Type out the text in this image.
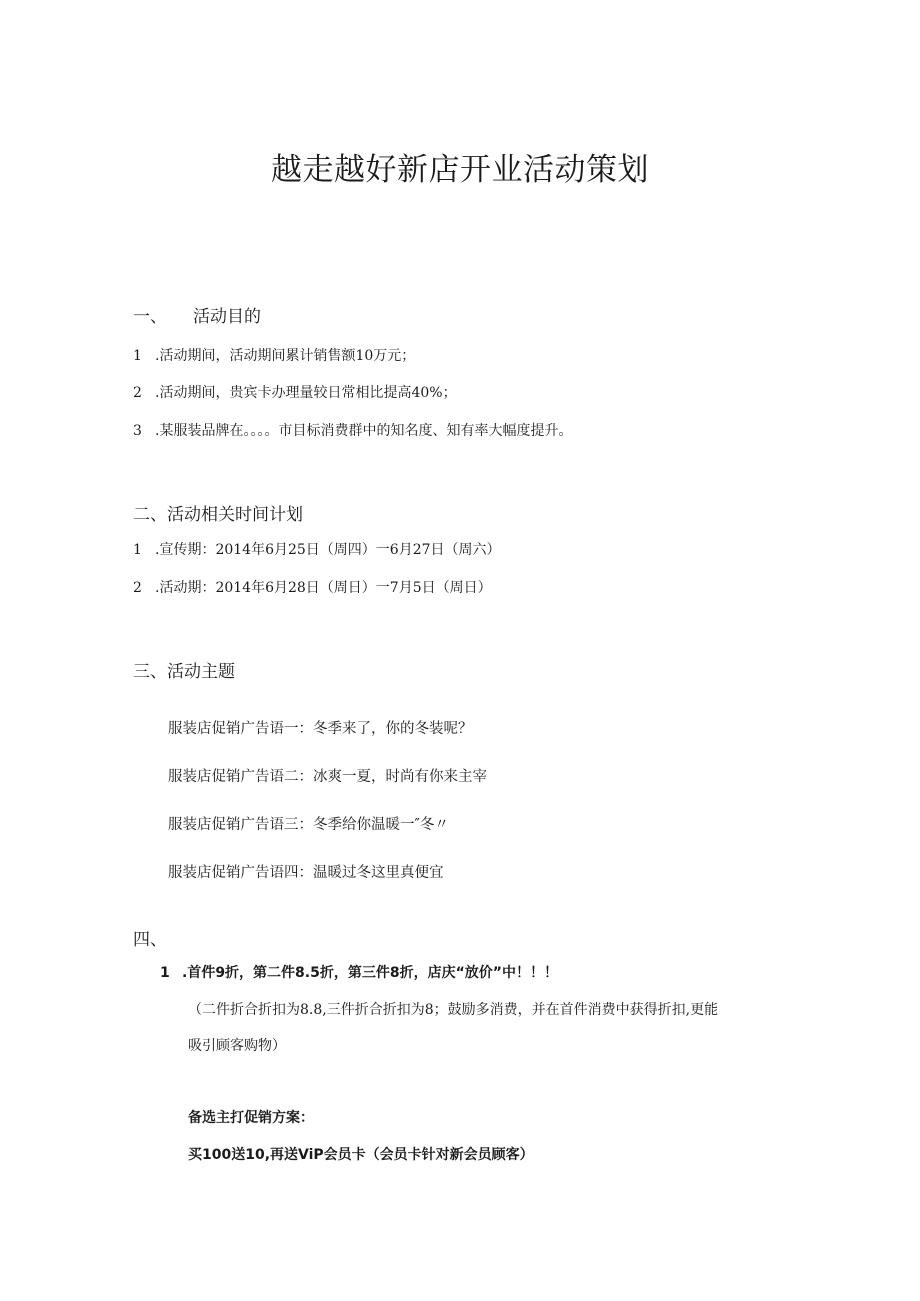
越走越好新店开业活动策划
一、 活动目的
1 .活动期间，活动期间累计销售额10万元；
2 .活动期间，贵宾卡办理量较日常相比提高40%；
3 .某服装品牌在。。。。市目标消费群中的知名度、知有率大幅度提升。
二、活动相关时间计划
1 .宣传期：2014年6月25日（周四）一6月27日（周六）
2 .活动期：2014年6月28日（周日）一7月5日（周日）
三、活动主题
服装店促销广告语一：冬季来了，你的冬装呢？
服装店促销广告语二：冰爽一夏，时尚有你来主宰
服装店促销广告语三：冬季给你温暖一″冬〃
服装店促销广告语四：温暖过冬这里真便宜
四、
1 .首件9折，第二件8.5折，第三件8折，店庆“放价”中！！！
（二件折合折扣为8.8,三件折合折扣为8；鼓励多消费，并在首件消费中获得折扣,更能
吸引顾客购物）
备选主打促销方案：
买100送10,再送ViP会员卡（会员卡针对新会员顾客）
